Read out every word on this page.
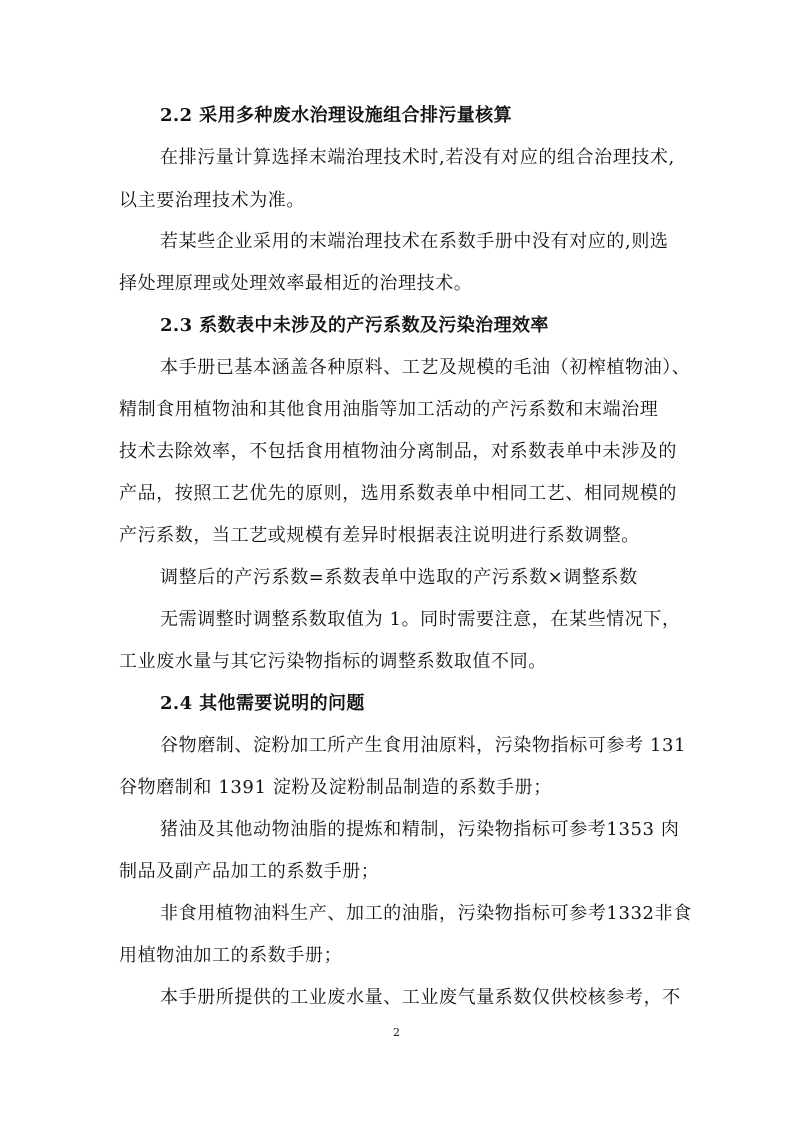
2.2 采用多种废水治理设施组合排污量核算
在排污量计算选择末端治理技术时,若没有对应的组合治理技术,
以主要治理技术为准。
若某些企业采用的末端治理技术在系数手册中没有对应的,则选
择处理原理或处理效率最相近的治理技术。
2.3 系数表中未涉及的产污系数及污染治理效率
本手册已基本涵盖各种原料、工艺及规模的毛油（初榨植物油）、
精制食用植物油和其他食用油脂等加工活动的产污系数和末端治理
技术去除效率，不包括食用植物油分离制品，对系数表单中未涉及的
产品，按照工艺优先的原则，选用系数表单中相同工艺、相同规模的
产污系数，当工艺或规模有差异时根据表注说明进行系数调整。
调整后的产污系数=系数表单中选取的产污系数×调整系数
无需调整时调整系数取值为 1。同时需要注意，在某些情况下，
工业废水量与其它污染物指标的调整系数取值不同。
2.4 其他需要说明的问题
谷物磨制、淀粉加工所产生食用油原料，污染物指标可参考 131
谷物磨制和 1391 淀粉及淀粉制品制造的系数手册；
猪油及其他动物油脂的提炼和精制，污染物指标可参考1353 肉
制品及副产品加工的系数手册；
非食用植物油料生产、加工的油脂，污染物指标可参考1332非食
用植物油加工的系数手册；
本手册所提供的工业废水量、工业废气量系数仅供校核参考，不
2
